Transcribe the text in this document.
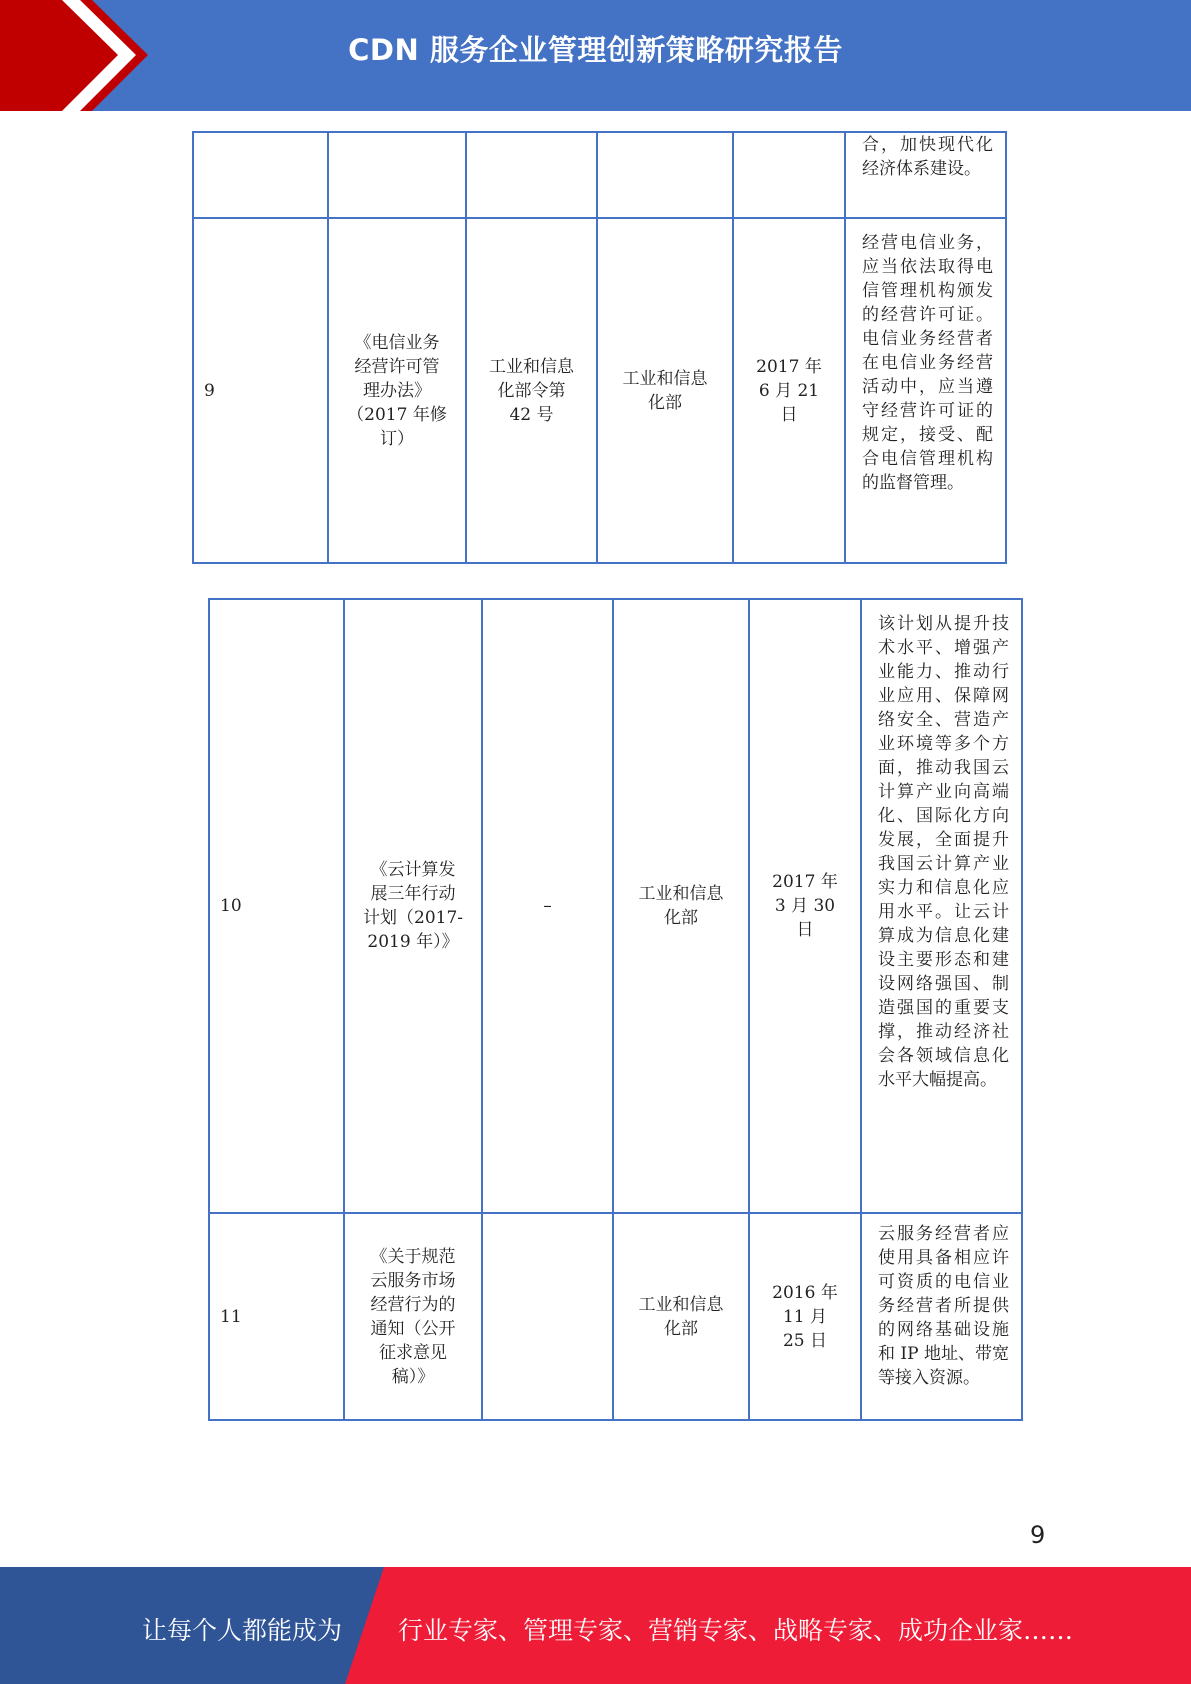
CDN 服务企业管理创新策略研究报告
					合，加快现代化经济体系建设。
9	《电信业务经营许可管理办法》（2017 年修订）	工业和信息化部令第 42 号	工业和信息化部	2017 年 6 月 21 日	经营电信业务，应当依法取得电信管理机构颁发的经营许可证。电信业务经营者在电信业务经营活动中，应当遵守经营许可证的规定，接受、配合电信管理机构的监督管理。
10	《云计算发展三年行动计划（2017-2019 年）》	–	工业和信息化部	2017 年 3 月 30 日	该计划从提升技术水平、增强产业能力、推动行业应用、保障网络安全、营造产业环境等多个方面，推动我国云计算产业向高端化、国际化方向发展，全面提升我国云计算产业实力和信息化应用水平。让云计算成为信息化建设主要形态和建设网络强国、制造强国的重要支撑，推动经济社会各领域信息化水平大幅提高。
11	《关于规范云服务市场经营行为的通知（公开征求意见稿）》		工业和信息化部	2016 年 11 月 25 日	云服务经营者应使用具备相应许可资质的电信业务经营者所提供的网络基础设施和 IP 地址、带宽等接入资源。
9
让每个人都能成为 行业专家、管理专家、营销专家、战略专家、成功企业家……
